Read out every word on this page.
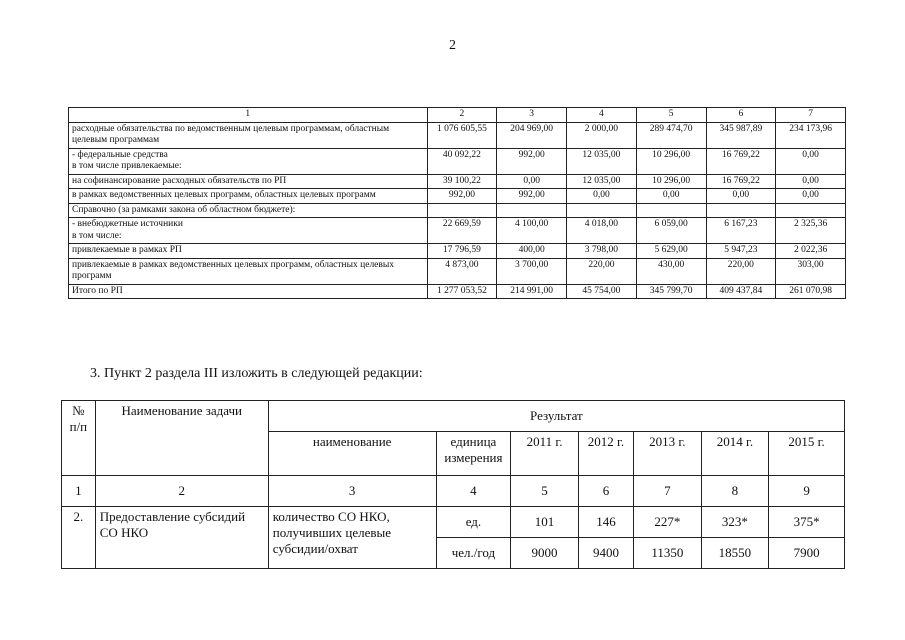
2
1	2	3	4	5	6	7
расходные обязательства по ведомственным целевым программам, областным целевым программам	1 076 605,55	204 969,00	2 000,00	289 474,70	345 987,89	234 173,96
- федеральные средства
в том числе привлекаемые:	40 092,22	992,00	12 035,00	10 296,00	16 769,22	0,00
на софинансирование расходных обязательств по РП	39 100,22	0,00	12 035,00	10 296,00	16 769,22	0,00
в рамках ведомственных целевых программ, областных целевых программ	992,00	992,00	0,00	0,00	0,00	0,00
Справочно (за рамками закона об областном бюджете):						
- внебюджетные источники
в том числе:	22 669,59	4 100,00	4 018,00	6 059,00	6 167,23	2 325,36
привлекаемые в рамках РП	17 796,59	400,00	3 798,00	5 629,00	5 947,23	2 022,36
привлекаемые в рамках ведомственных целевых программ, областных целевых программ	4 873,00	3 700,00	220,00	430,00	220,00	303,00
Итого по РП	1 277 053,52	214 991,00	45 754,00	345 799,70	409 437,84	261 070,98
3. Пункт 2 раздела III изложить в следующей редакции:
№ п/п	Наименование задачи	Результат						
		наименование	единица измерения	2011 г.	2012 г.	2013 г.	2014 г.	2015 г.
1	2	3	4	5	6	7	8	9
2.	Предоставление субсидий СО НКО	количество СО НКО, получивших целевые субсидии/охват	ед.	101	146	227*	323*	375*
			чел./год	9000	9400	11350	18550	7900
